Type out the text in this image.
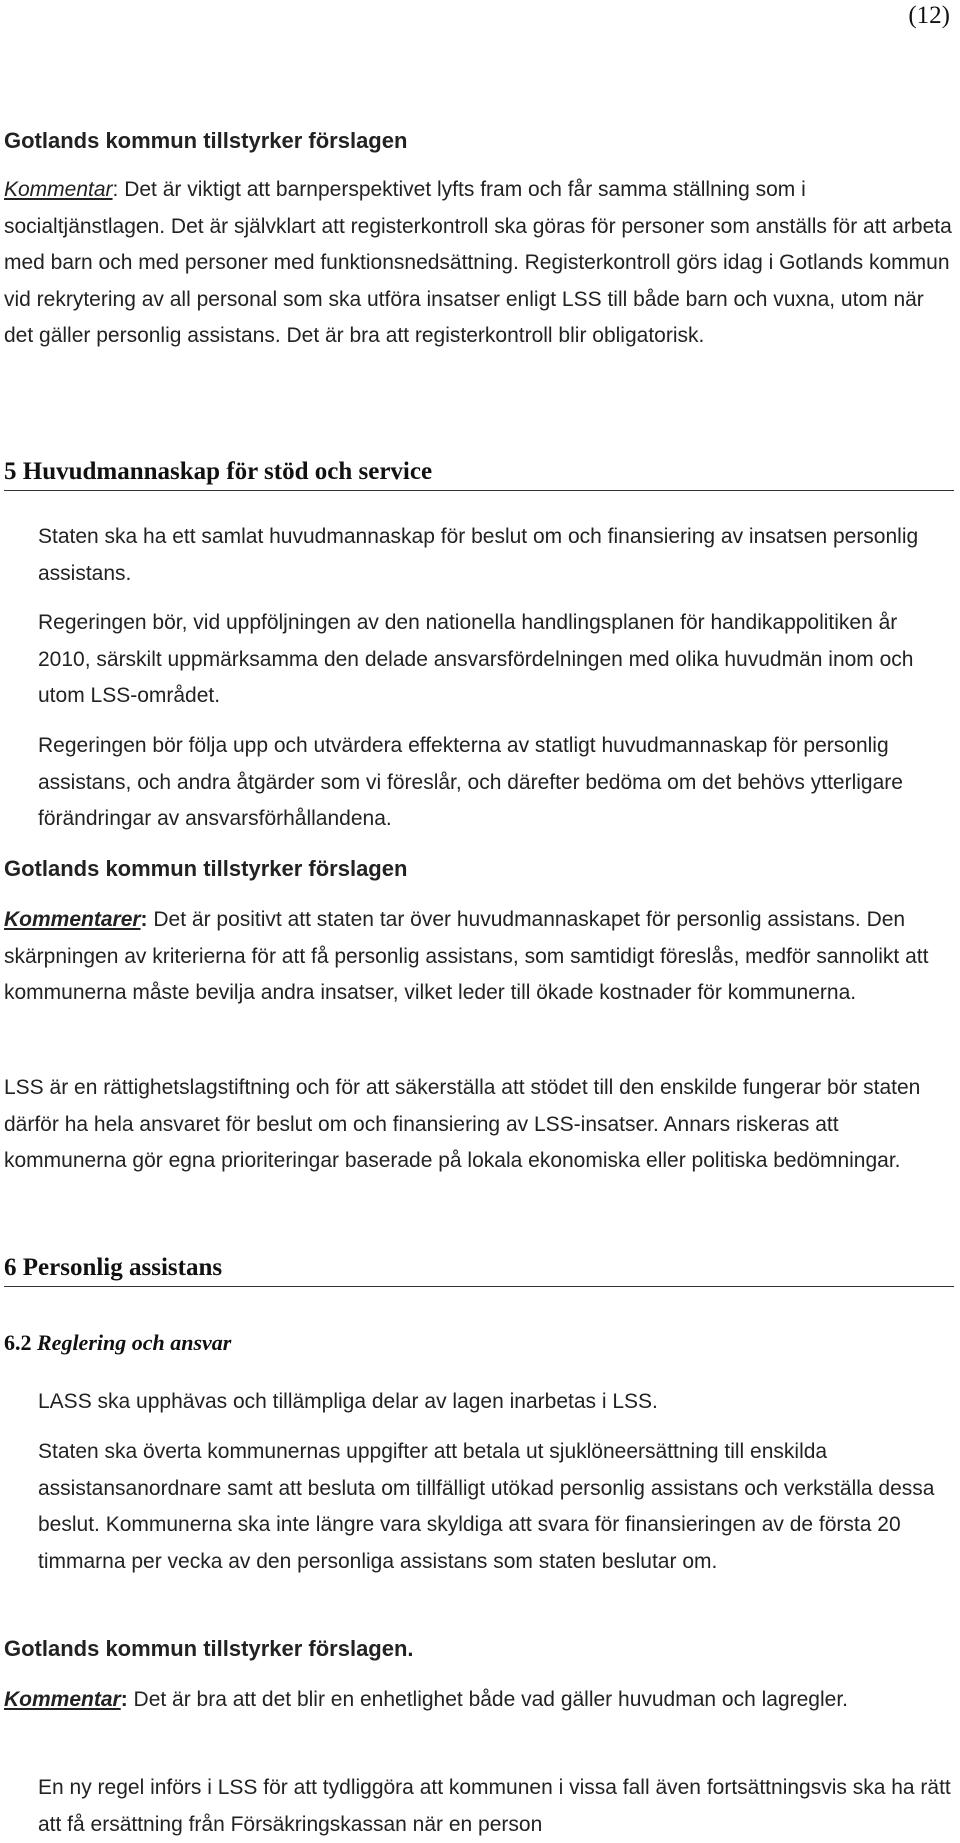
(12)
Gotlands kommun tillstyrker förslagen

Kommentar: Det är viktigt att barnperspektivet lyfts fram och får samma ställning som i socialtjänstlagen. Det är självklart att registerkontroll ska göras för personer som anställs för att arbeta med barn och med personer med funktionsnedsättning. Registerkontroll görs idag i Gotlands kommun vid rekrytering av all personal som ska utföra insatser enligt LSS till både barn och vuxna, utom när det gäller personlig assistans. Det är bra att registerkontroll blir obligatorisk.

5 Huvudmannaskap för stöd och service

Staten ska ha ett samlat huvudmannaskap för beslut om och finansiering av insatsen personlig assistans.

Regeringen bör, vid uppföljningen av den nationella handlingsplanen för handikappolitiken år 2010, särskilt uppmärksamma den delade ansvarsfördelningen med olika huvudmän inom och utom LSS-området.

Regeringen bör följa upp och utvärdera effekterna av statligt huvudmannaskap för personlig assistans, och andra åtgärder som vi föreslår, och därefter bedöma om det behövs ytterligare förändringar av ansvarsförhållandena.

Gotlands kommun tillstyrker förslagen

Kommentarer: Det är positivt att staten tar över huvudmannaskapet för personlig assistans. Den skärpningen av kriterierna för att få personlig assistans, som samtidigt föreslås, medför sannolikt att kommunerna måste bevilja andra insatser, vilket leder till ökade kostnader för kommunerna.

LSS är en rättighetslagstiftning och för att säkerställa att stödet till den enskilde fungerar bör staten därför ha hela ansvaret för beslut om och finansiering av LSS-insatser. Annars riskeras att kommunerna gör egna prioriteringar baserade på lokala ekonomiska eller politiska bedömningar.

6 Personlig assistans
6.2 Reglering och ansvar

LASS ska upphävas och tillämpliga delar av lagen inarbetas i LSS.

Staten ska överta kommunernas uppgifter att betala ut sjuklöneersättning till enskilda assistansanordnare samt att besluta om tillfälligt utökad personlig assistans och verkställa dessa beslut. Kommunerna ska inte längre vara skyldiga att svara för finansieringen av de första 20 timmarna per vecka av den personliga assistans som staten beslutar om.

Gotlands kommun tillstyrker förslagen.

Kommentar: Det är bra att det blir en enhetlighet både vad gäller huvudman och lagregler.

En ny regel införs i LSS för att tydliggöra att kommunen i vissa fall även fortsättningsvis ska ha rätt att få ersättning från Försäkringskassan när en person
